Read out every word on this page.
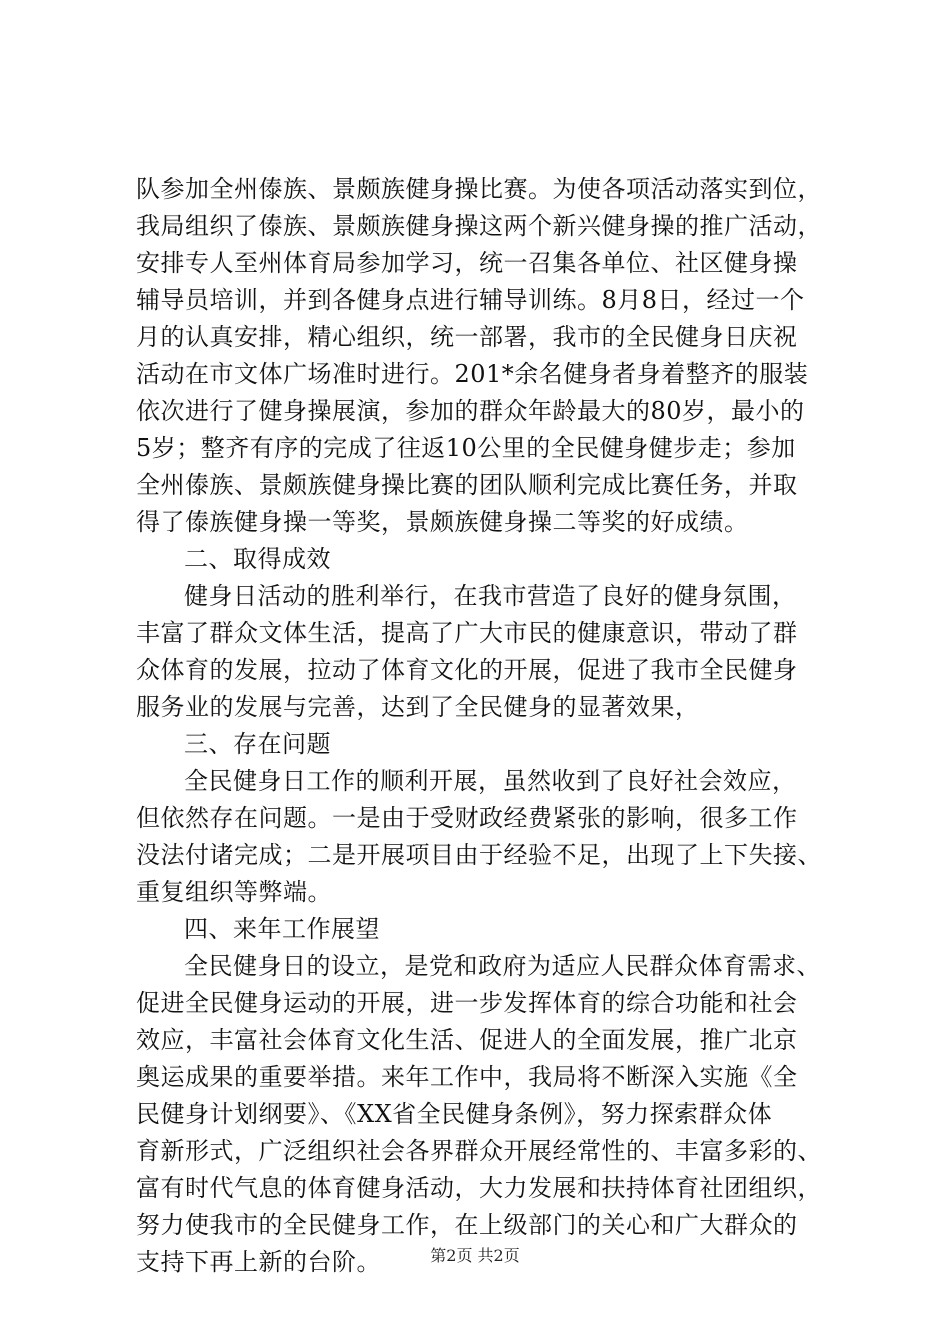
队参加全州傣族、景颇族健身操比赛。为使各项活动落实到位，
我局组织了傣族、景颇族健身操这两个新兴健身操的推广活动，
安排专人至州体育局参加学习，统一召集各单位、社区健身操
辅导员培训，并到各健身点进行辅导训练。8月8日，经过一个
月的认真安排，精心组织，统一部署，我市的全民健身日庆祝
活动在市文体广场准时进行。201*余名健身者身着整齐的服装
依次进行了健身操展演，参加的群众年龄最大的80岁，最小的
5岁；整齐有序的完成了往返10公里的全民健身健步走；参加
全州傣族、景颇族健身操比赛的团队顺利完成比赛任务，并取
得了傣族健身操一等奖，景颇族健身操二等奖的好成绩。
二、取得成效
健身日活动的胜利举行，在我市营造了良好的健身氛围，
丰富了群众文体生活，提高了广大市民的健康意识，带动了群
众体育的发展，拉动了体育文化的开展，促进了我市全民健身
服务业的发展与完善，达到了全民健身的显著效果，
三、存在问题
全民健身日工作的顺利开展，虽然收到了良好社会效应，
但依然存在问题。一是由于受财政经费紧张的影响，很多工作
没法付诸完成；二是开展项目由于经验不足，出现了上下失接、
重复组织等弊端。
四、来年工作展望
全民健身日的设立，是党和政府为适应人民群众体育需求、
促进全民健身运动的开展，进一步发挥体育的综合功能和社会
效应，丰富社会体育文化生活、促进人的全面发展，推广北京
奥运成果的重要举措。来年工作中，我局将不断深入实施《全
民健身计划纲要》、《XX省全民健身条例》，努力探索群众体
育新形式，广泛组织社会各界群众开展经常性的、丰富多彩的、
富有时代气息的体育健身活动，大力发展和扶持体育社团组织，
努力使我市的全民健身工作，在上级部门的关心和广大群众的
支持下再上新的台阶。	第2页 共2页
